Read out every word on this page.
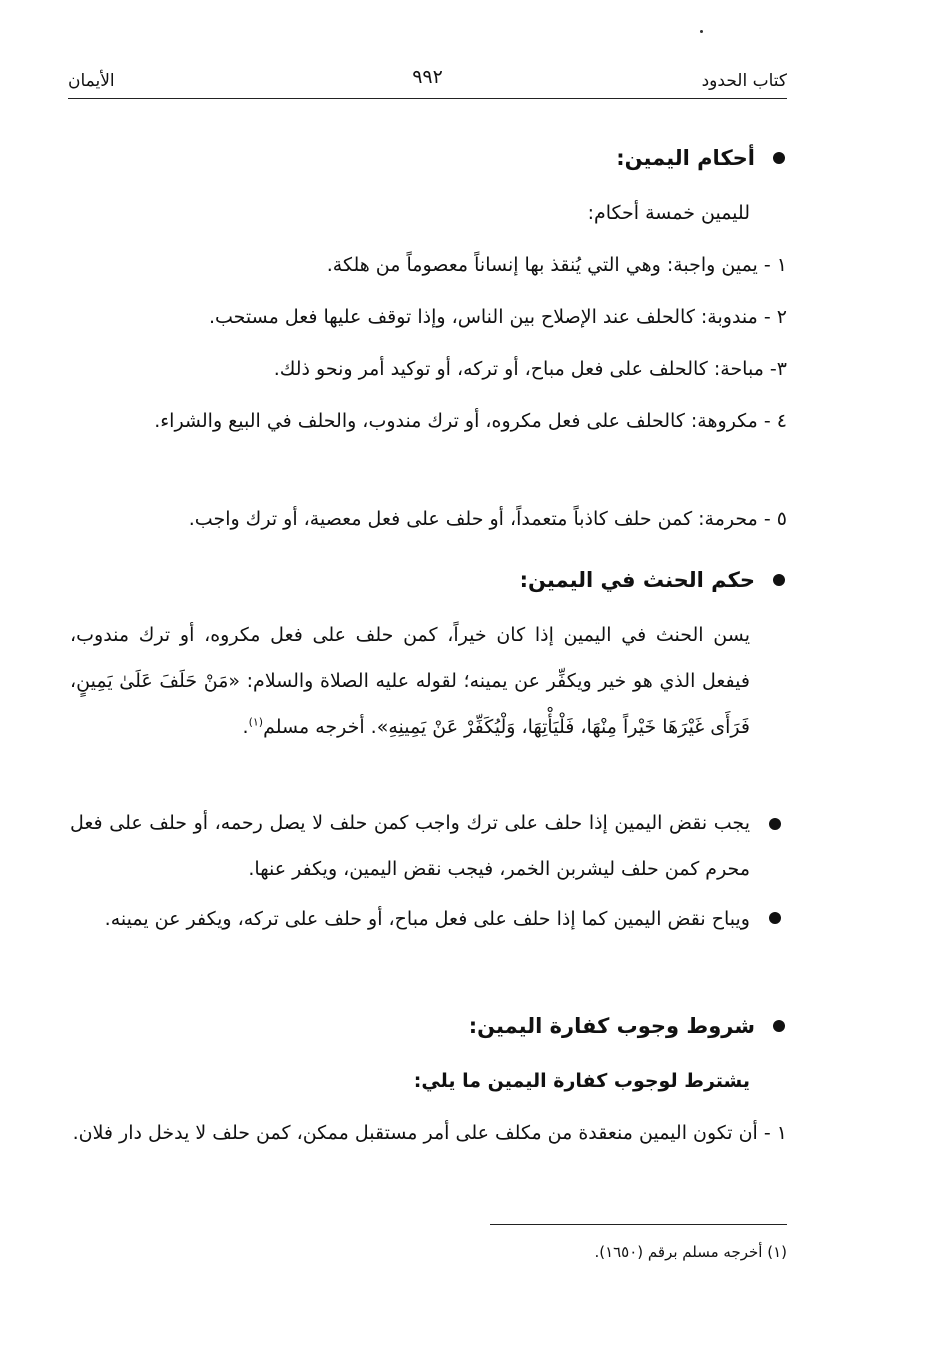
كتاب الحدود
٩٩٢
الأيمان
أحكام اليمين:
لليمين خمسة أحكام:
١ - يمين واجبة: وهي التي يُنقذ بها إنساناً معصوماً من هلكة.
٢ - مندوبة: كالحلف عند الإصلاح بين الناس، وإذا توقف عليها فعل مستحب.
٣- مباحة: كالحلف على فعل مباح، أو تركه، أو توكيد أمر ونحو ذلك.
٤ - مكروهة: كالحلف على فعل مكروه، أو ترك مندوب، والحلف في البيع والشراء.
٥ - محرمة: كمن حلف كاذباً متعمداً، أو حلف على فعل معصية، أو ترك واجب.
حكم الحنث في اليمين:
يسن الحنث في اليمين إذا كان خيراً، كمن حلف على فعل مكروه، أو ترك مندوب، فيفعل الذي هو خير ويكفِّر عن يمينه؛ لقوله عليه الصلاة والسلام: «مَنْ حَلَفَ عَلَىٰ يَمِينٍ، فَرَأَى غَيْرَهَا خَيْراً مِنْهَا، فَلْيَأْتِهَا، وَلْيُكَفِّرْ عَنْ يَمِينِهِ». أخرجه مسلم$^{(١)}$.
يجب نقض اليمين إذا حلف على ترك واجب كمن حلف لا يصل رحمه، أو حلف على فعل محرم كمن حلف ليشربن الخمر، فيجب نقض اليمين، ويكفر عنها.
ويباح نقض اليمين كما إذا حلف على فعل مباح، أو حلف على تركه، ويكفر عن يمينه.
شروط وجوب كفارة اليمين:
يشترط لوجوب كفارة اليمين ما يلي:
١ - أن تكون اليمين منعقدة من مكلف على أمر مستقبل ممكن، كمن حلف لا يدخل دار فلان.
(١) أخرجه مسلم برقم (١٦٥٠).
